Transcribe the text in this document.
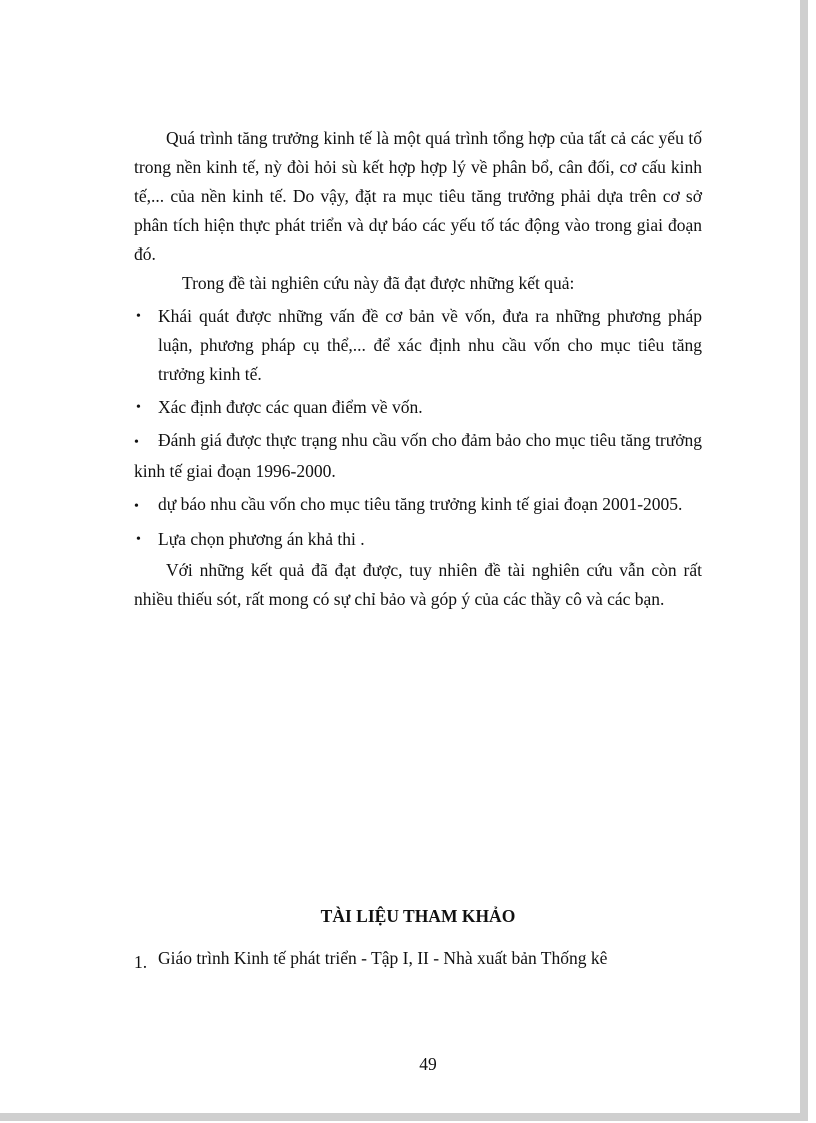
Quá trình tăng trưởng kinh tế là một quá trình tổng hợp của tất cả các yếu tố trong nền kinh tế, nỳ đòi hỏi sù kết hợp hợp lý về phân bổ, cân đối, cơ cấu kinh tế,... của nền kinh tế. Do vậy, đặt ra mục tiêu tăng trưởng phải dựa trên cơ sở phân tích hiện thực phát triển và dự báo các yếu tố tác động vào trong giai đoạn đó.

Trong đề tài nghiên cứu này đã đạt được những kết quả:

• Khái quát được những vấn đề cơ bản về vốn, đưa ra những phương pháp luận, phương pháp cụ thể,... để xác định nhu cầu vốn cho mục tiêu tăng trưởng kinh tế.
• Xác định được các quan điểm về vốn.
• Đánh giá được thực trạng nhu cầu vốn cho đảm bảo cho mục tiêu tăng trưởng kinh tế giai đoạn 1996-2000.
• dự báo nhu cầu vốn cho mục tiêu tăng trưởng kinh tế giai đoạn 2001-2005.
• Lựa chọn phương án khả thi .

Với những kết quả đã đạt được, tuy nhiên đề tài nghiên cứu vẫn còn rất nhiều thiếu sót, rất mong có sự chỉ bảo và góp ý của các thầy cô và các bạn.

TÀI LIỆU THAM KHẢO
1. Giáo trình Kinh tế phát triển - Tập I, II - Nhà xuất bản Thống kê
49
